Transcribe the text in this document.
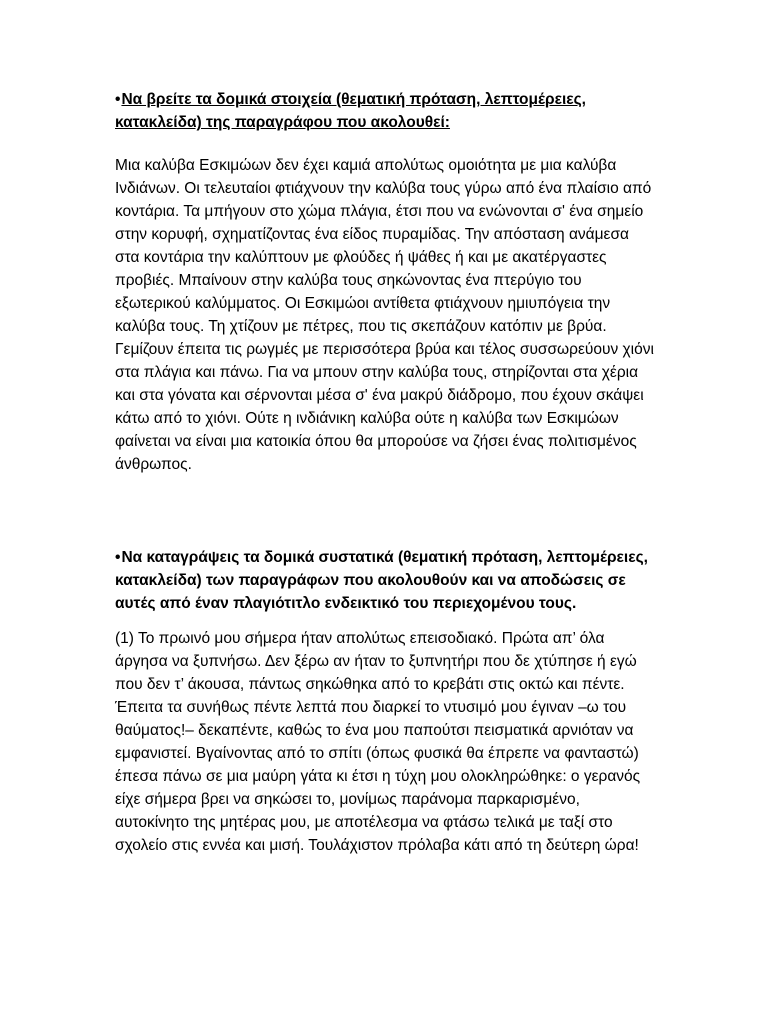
•Να βρείτε τα δομικά στοιχεία (θεματική πρόταση, λεπτομέρειες, κατακλείδα) της παραγράφου που ακολουθεί:

Μια καλύβα Εσκιμώων δεν έχει καμιά απολύτως ομοιότητα με μια καλύβα Ινδιάνων. Οι τελευταίοι φτιάχνουν την καλύβα τους γύρω από ένα πλαίσιο από κοντάρια. Τα μπήγουν στο χώμα πλάγια, έτσι που να ενώνονται σ' ένα σημείο στην κορυφή, σχηματίζοντας ένα είδος πυραμίδας. Την απόσταση ανάμεσα στα κοντάρια την καλύπτουν με φλούδες ή ψάθες ή και με ακατέργαστες προβιές. Μπαίνουν στην καλύβα τους σηκώνοντας ένα πτερύγιο του εξωτερικού καλύμματος. Οι Εσκιμώοι αντίθετα φτιάχνουν ημιυπόγεια την καλύβα τους. Τη χτίζουν με πέτρες, που τις σκεπάζουν κατόπιν με βρύα. Γεμίζουν έπειτα τις ρωγμές με περισσότερα βρύα και τέλος συσσωρεύουν χιόνι στα πλάγια και πάνω. Για να μπουν στην καλύβα τους, στηρίζονται στα χέρια και στα γόνατα και σέρνονται μέσα σ' ένα μακρύ διάδρομο, που έχουν σκάψει κάτω από το χιόνι. Ούτε η ινδιάνικη καλύβα ούτε η καλύβα των Εσκιμώων φαίνεται να είναι μια κατοικία όπου θα μπορούσε να ζήσει ένας πολιτισμένος άνθρωπος.

•Να καταγράψεις τα δομικά συστατικά (θεματική πρόταση, λεπτομέρειες, κατακλείδα) των παραγράφων που ακολουθούν και να αποδώσεις σε αυτές από έναν πλαγιότιτλο ενδεικτικό του περιεχομένου τους.

(1) Το πρωινό μου σήμερα ήταν απολύτως επεισοδιακό. Πρώτα απ’ όλα άργησα να ξυπνήσω. Δεν ξέρω αν ήταν το ξυπνητήρι που δε χτύπησε ή εγώ που δεν τ’ άκουσα, πάντως σηκώθηκα από το κρεβάτι στις οκτώ και πέντε. Έπειτα τα συνήθως πέντε λεπτά που διαρκεί το ντυσιμό μου έγιναν –ω του θαύματος!– δεκαπέντε, καθώς το ένα μου παπούτσι πεισματικά αρνιόταν να εμφανιστεί. Βγαίνοντας από το σπίτι (όπως φυσικά θα έπρεπε να φανταστώ) έπεσα πάνω σε μια μαύρη γάτα κι έτσι η τύχη μου ολοκληρώθηκε: ο γερανός είχε σήμερα βρει να σηκώσει το, μονίμως παράνομα παρκαρισμένο, αυτοκίνητο της μητέρας μου, με αποτέλεσμα να φτάσω τελικά με ταξί στο σχολείο στις εννέα και μισή. Τουλάχιστον πρόλαβα κάτι από τη δεύτερη ώρα!
